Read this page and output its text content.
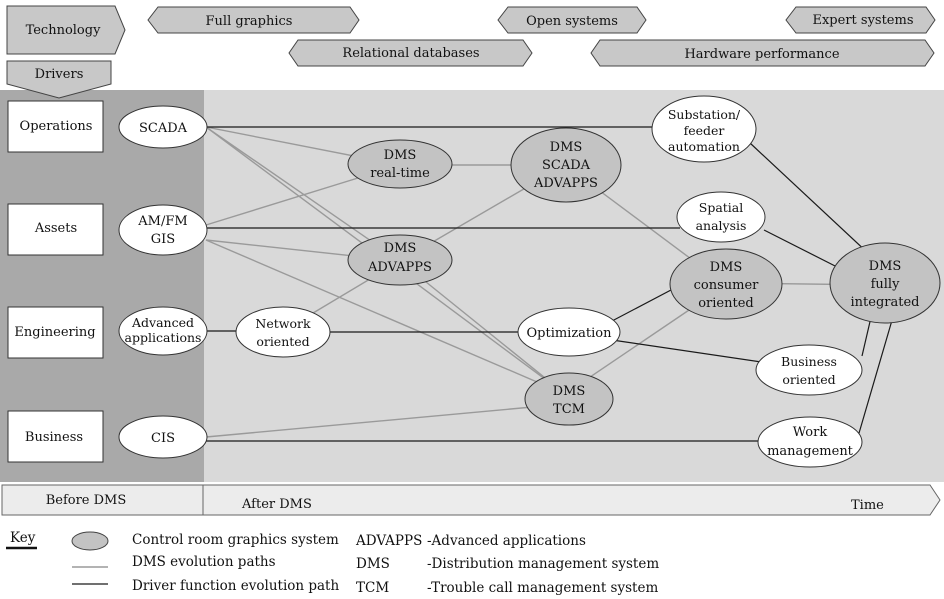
Technology
Full graphics	Open systems	Expert systems
Relational databases	Hardware performance
Drivers
Operations
Assets
Engineering
Business
SCADA
AM/FM
GIS
Advanced
applications
CIS
Network
oriented
DMS
real-time
DMS
ADVAPPS
DMS
SCADA
ADVAPPS
Optimization
DMS
TCM
Substation/
feeder
automation
Spatial
analysis
DMS
consumer
oriented
Business
oriented
Work
management
DMS
fully
integrated
Before DMS	After DMS	Time
Key	Control room graphics system
DMS evolution paths
Driver function evolution path
ADVAPPS -Advanced applications
DMS	-Distribution management system
TCM	-Trouble call management system
